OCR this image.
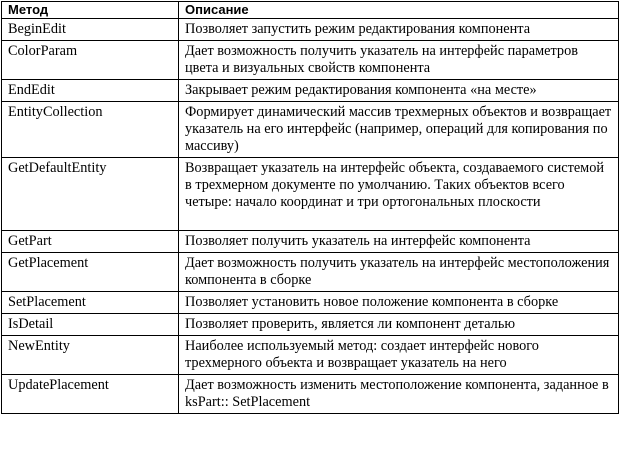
Метод	Описание
BeginEdit	Позволяет запустить режим редактирования компонента
ColorParam	Дает возможность получить указатель на интерфейс параметров цвета и визуальных свойств компонента
EndEdit	Закрывает режим редактирования компонента «на месте»
EntityCollection	Формирует динамический массив трехмерных объектов и возвращает указатель на его интерфейс (например, операций для копирования по массиву)
GetDefaultEntity	Возвращает указатель на интерфейс объекта, создаваемого системой в трехмерном документе по умолчанию. Таких объектов всего четыре: начало координат и три ортогональных плоскости
GetPart	Позволяет получить указатель на интерфейс компонента
GetPlacement	Дает возможность получить указатель на интерфейс местоположения компонента в сборке
SetPlacement	Позволяет установить новое положение компонента в сборке
IsDetail	Позволяет проверить, является ли компонент деталью
NewEntity	Наиболее используемый метод: создает интерфейс нового трехмерного объекта и возвращает указатель на него
UpdatePlacement	Дает возможность изменить местоположение компонента, заданное в ksPart:: SetPlacement
